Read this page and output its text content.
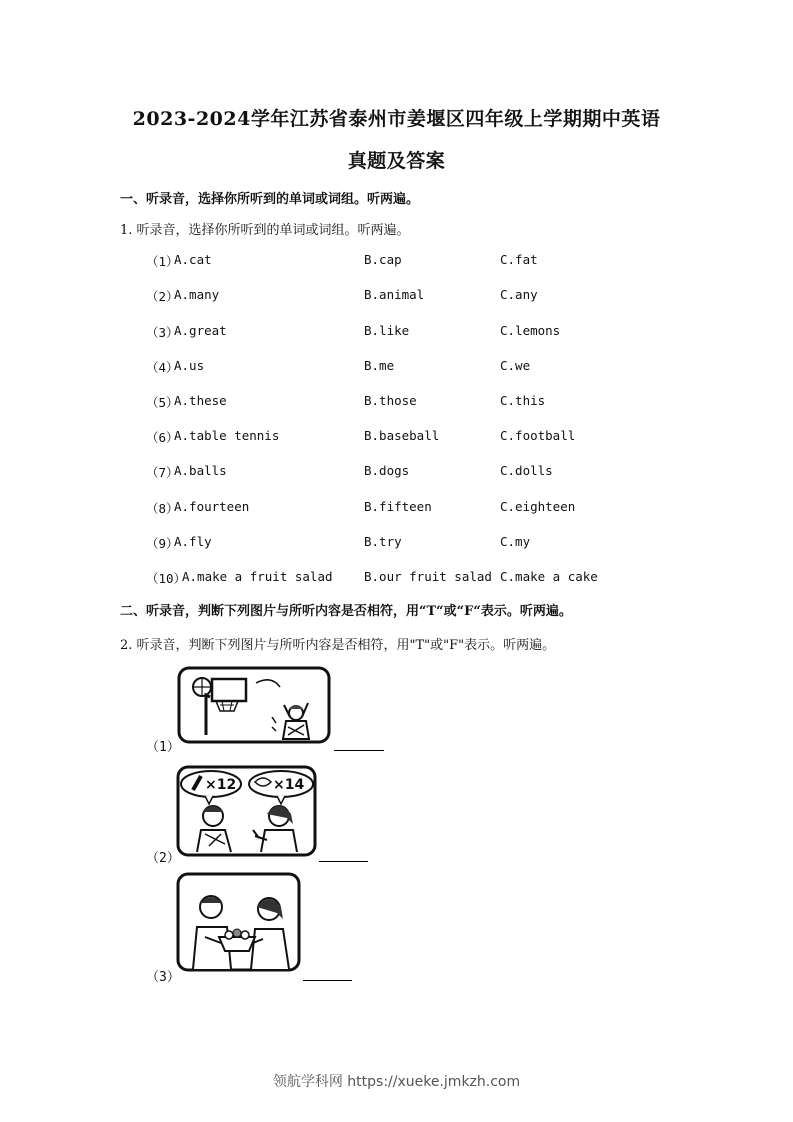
2023-2024学年江苏省泰州市姜堰区四年级上学期期中英语
真题及答案
一、听录音，选择你所听到的单词或词组。听两遍。
1. 听录音，选择你所听到的单词或词组。听两遍。
（1）
A.cat	B.cap	C.fat
（2）
A.many	B.animal	C.any
（3）
A.great	B.like	C.lemons
（4）
A.us	B.me	C.we
（5）
A.these	B.those	C.this
（6）
A.table tennis	B.baseball	C.football
（7）
A.balls	B.dogs	C.dolls
（8）
A.fourteen	B.fifteen	C.eighteen
（9）
A.fly	B.try	C.my
（10）
A.make a fruit salad	B.our fruit salad C.make a cake
二、听录音，判断下列图片与所听内容是否相符，用“T“或“F“表示。听两遍。
2. 听录音，判断下列图片与所听内容是否相符，用"T"或"F"表示。听两遍。
（1）
×12	×14
（2）
（3）
领航学科网 https://xueke.jmkzh.com
